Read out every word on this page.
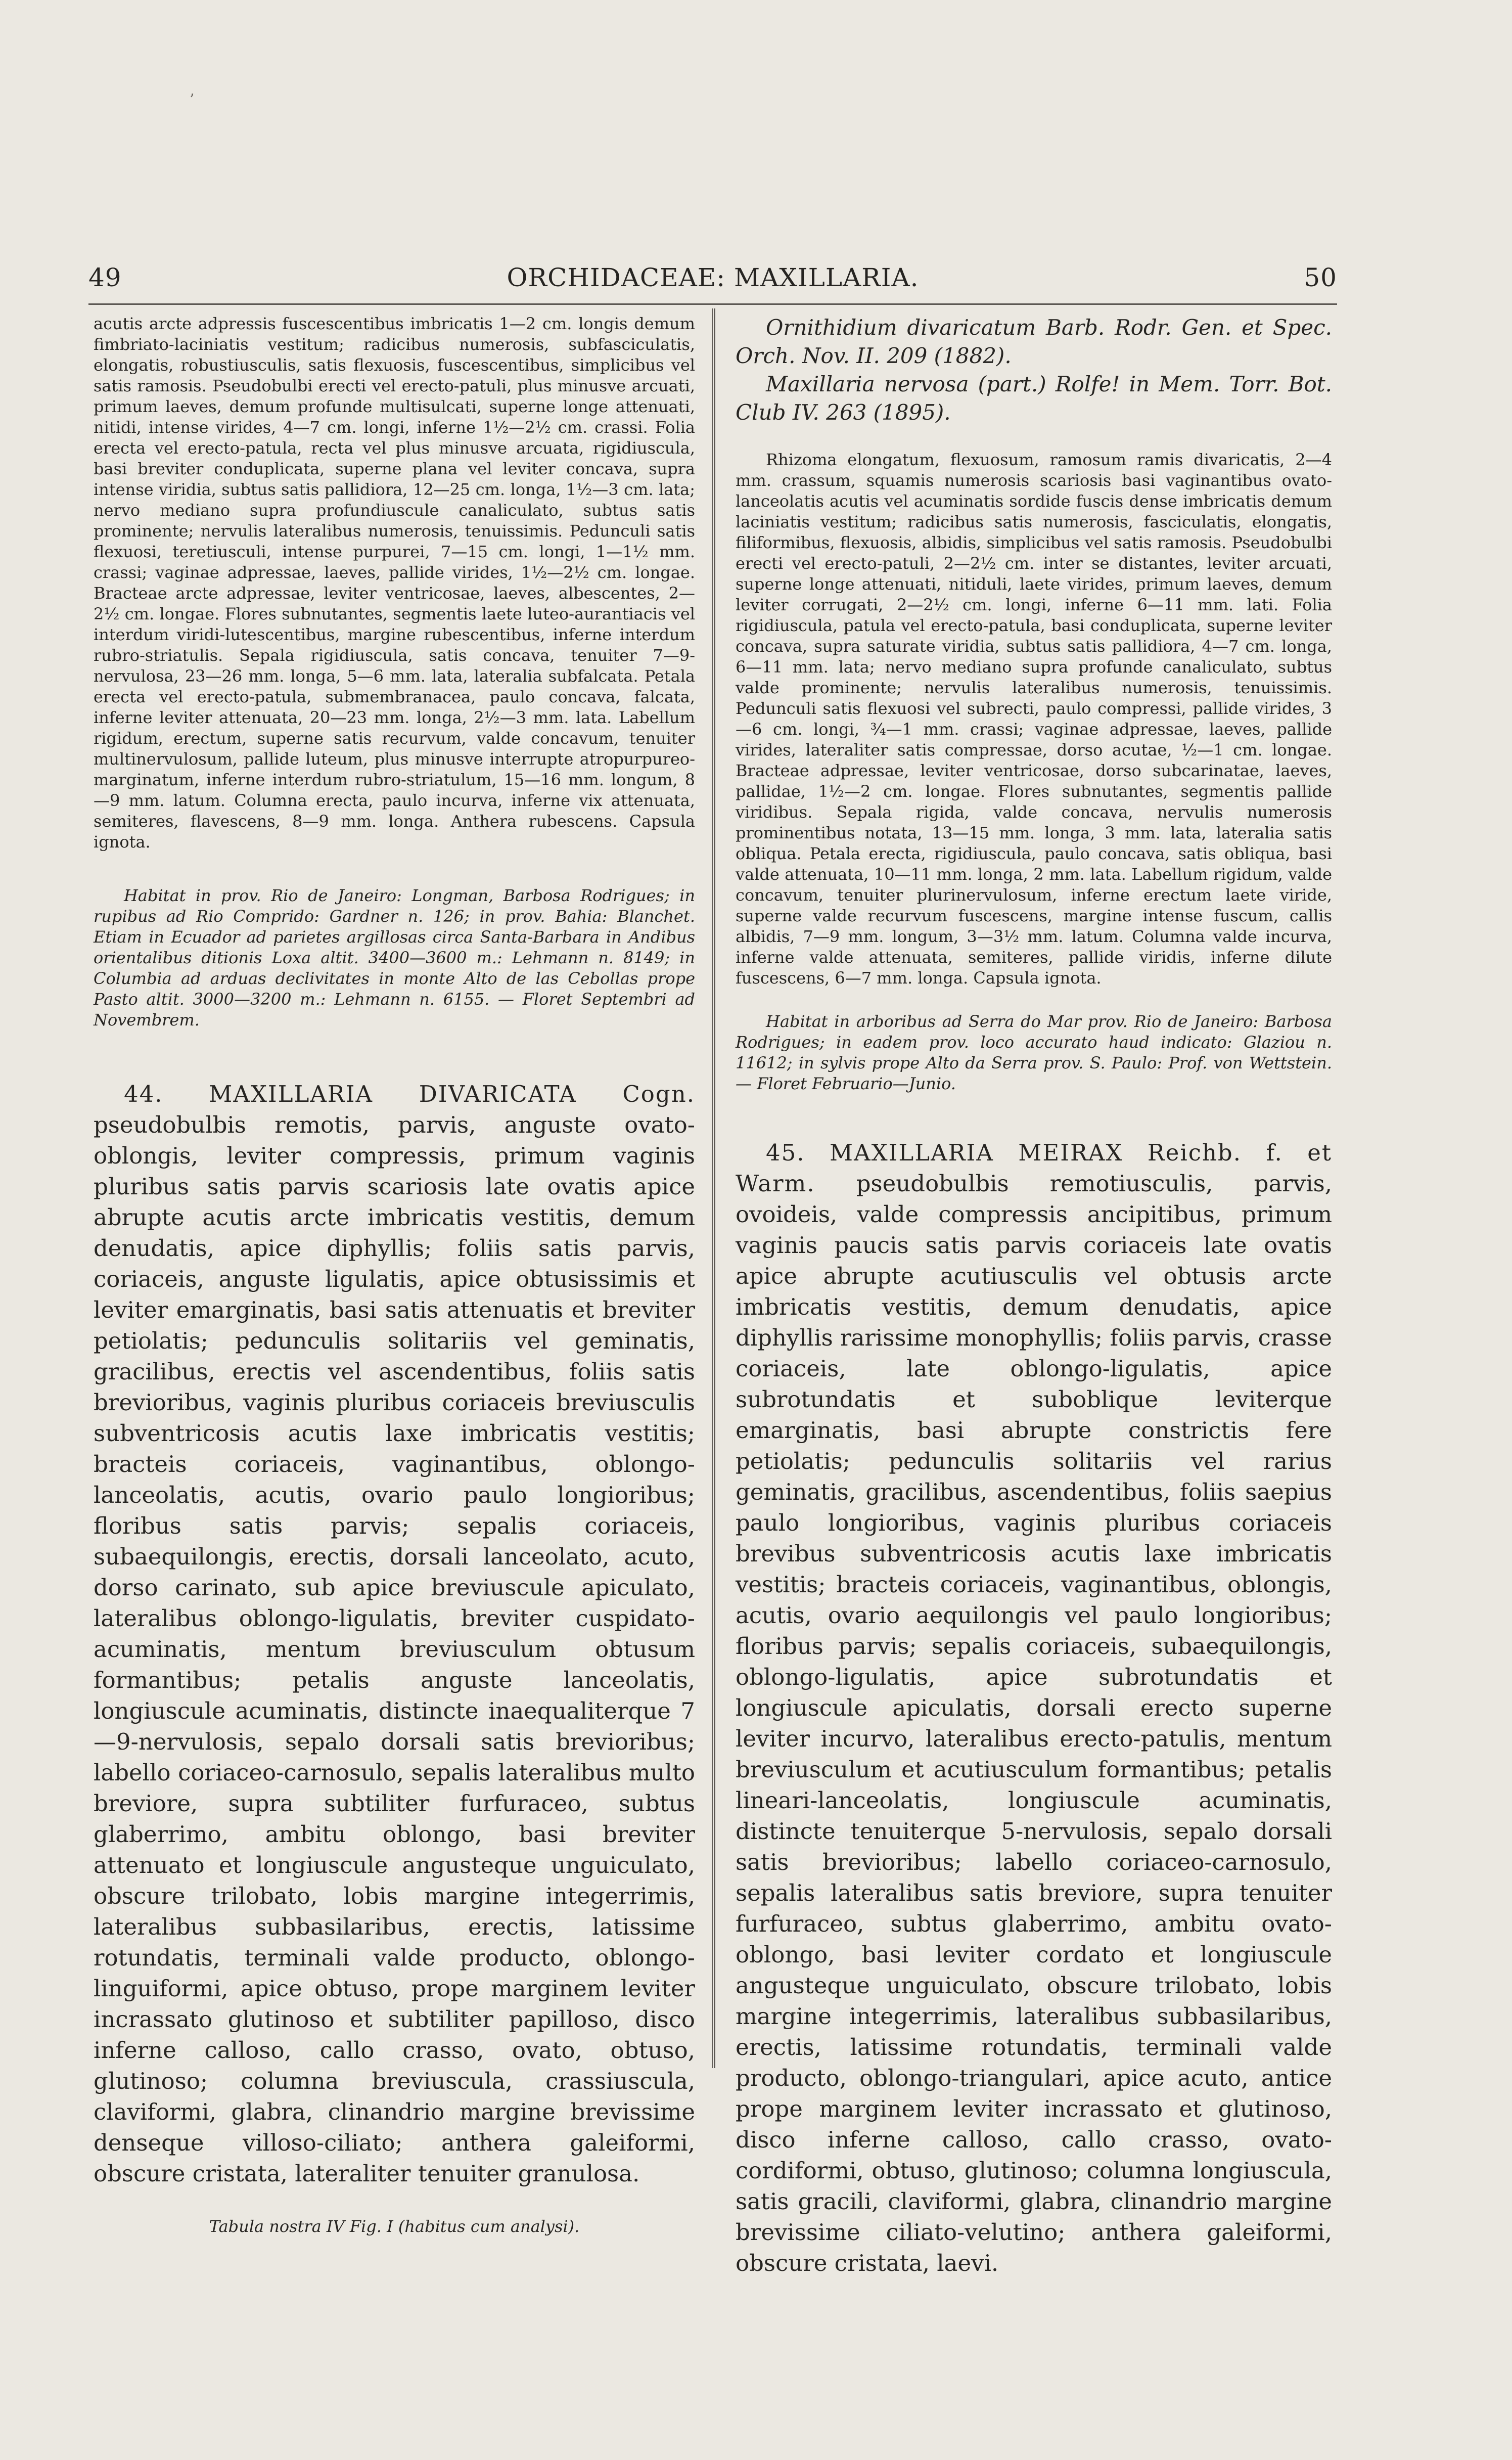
’
49	ORCHIDACEAE: MAXILLARIA.	50

acutis arcte adpressis fuscescentibus imbricatis 1—2 cm. longis demum fimbriato-laciniatis vestitum; radicibus numerosis, subfasciculatis, elongatis, robustiusculis, satis flexuosis, fuscescentibus, simplicibus vel satis ramosis. Pseudobulbi erecti vel erecto-patuli, plus minusve arcuati, primum laeves, demum profunde multisulcati, superne longe attenuati, nitidi, intense virides, 4—7 cm. longi, inferne 1½—2½ cm. crassi. Folia erecta vel erecto-patula, recta vel plus minusve arcuata, rigidiuscula, basi breviter conduplicata, superne plana vel leviter concava, supra intense viridia, subtus satis pallidiora, 12—25 cm. longa, 1½—3 cm. lata; nervo mediano supra profundiuscule canaliculato, subtus satis prominente; nervulis lateralibus numerosis, tenuissimis. Pedunculi satis flexuosi, teretiusculi, intense purpurei, 7—15 cm. longi, 1—1½ mm. crassi; vaginae adpressae, laeves, pallide virides, 1½—2½ cm. longae. Bracteae arcte adpressae, leviter ventricosae, laeves, albescentes, 2—2½ cm. longae. Flores subnutantes, segmentis laete luteo-aurantiacis vel interdum viridi-lutescentibus, margine rubescentibus, inferne interdum rubro-striatulis. Sepala rigidiuscula, satis concava, tenuiter 7—9-nervulosa, 23—26 mm. longa, 5—6 mm. lata, lateralia subfalcata. Petala erecta vel erecto-patula, submembranacea, paulo concava, falcata, inferne leviter attenuata, 20—23 mm. longa, 2½—3 mm. lata. Labellum rigidum, erectum, superne satis recurvum, valde concavum, tenuiter multinervulosum, pallide luteum, plus minusve interrupte atropurpureo-marginatum, inferne interdum rubro-striatulum, 15—16 mm. longum, 8—9 mm. latum. Columna erecta, paulo incurva, inferne vix attenuata, semiteres, flavescens, 8—9 mm. longa. Anthera rubescens. Capsula ignota.

Habitat in prov. Rio de Janeiro: Longman, Barbosa Rodrigues; in rupibus ad Rio Comprido: Gardner n. 126; in prov. Bahia: Blanchet. Etiam in Ecuador ad parietes argillosas circa Santa-Barbara in Andibus orientalibus ditionis Loxa altit. 3400—3600 m.: Lehmann n. 8149; in Columbia ad arduas declivitates in monte Alto de las Cebollas prope Pasto altit. 3000—3200 m.: Lehmann n. 6155. — Floret Septembri ad Novembrem.

44. MAXILLARIA DIVARICATA Cogn. pseudobulbis remotis, parvis, anguste ovato-oblongis, leviter compressis, primum vaginis pluribus satis parvis scariosis late ovatis apice abrupte acutis arcte imbricatis vestitis, demum denudatis, apice diphyllis; foliis satis parvis, coriaceis, anguste ligulatis, apice obtusissimis et leviter emarginatis, basi satis attenuatis et breviter petiolatis; pedunculis solitariis vel geminatis, gracilibus, erectis vel ascendentibus, foliis satis brevioribus, vaginis pluribus coriaceis breviusculis subventricosis acutis laxe imbricatis vestitis; bracteis coriaceis, vaginantibus, oblongo-lanceolatis, acutis, ovario paulo longioribus; floribus satis parvis; sepalis coriaceis, subaequilongis, erectis, dorsali lanceolato, acuto, dorso carinato, sub apice breviuscule apiculato, lateralibus oblongo-ligulatis, breviter cuspidato-acuminatis, mentum breviusculum obtusum formantibus; petalis anguste lanceolatis, longiuscule acuminatis, distincte inaequaliterque 7—9-nervulosis, sepalo dorsali satis brevioribus; labello coriaceo-carnosulo, sepalis lateralibus multo breviore, supra subtiliter furfuraceo, subtus glaberrimo, ambitu oblongo, basi breviter attenuato et longiuscule angusteque unguiculato, obscure trilobato, lobis margine integerrimis, lateralibus subbasilaribus, erectis, latissime rotundatis, terminali valde producto, oblongo-linguiformi, apice obtuso, prope marginem leviter incrassato glutinoso et subtiliter papilloso, disco inferne calloso, callo crasso, ovato, obtuso, glutinoso; columna breviuscula, crassiuscula, claviformi, glabra, clinandrio margine brevissime denseque villoso-ciliato; anthera galeiformi, obscure cristata, lateraliter tenuiter granulosa.

Tabula nostra IV Fig. I (habitus cum analysi).

Ornithidium divaricatum Barb. Rodr. Gen. et Spec. Orch. Nov. II. 209 (1882).

Maxillaria nervosa (part.) Rolfe! in Mem. Torr. Bot. Club IV. 263 (1895).

Rhizoma elongatum, flexuosum, ramosum ramis divaricatis, 2—4 mm. crassum, squamis numerosis scariosis basi vaginantibus ovato-lanceolatis acutis vel acuminatis sordide fuscis dense imbricatis demum laciniatis vestitum; radicibus satis numerosis, fasciculatis, elongatis, filiformibus, flexuosis, albidis, simplicibus vel satis ramosis. Pseudobulbi erecti vel erecto-patuli, 2—2½ cm. inter se distantes, leviter arcuati, superne longe attenuati, nitiduli, laete virides, primum laeves, demum leviter corrugati, 2—2½ cm. longi, inferne 6—11 mm. lati. Folia rigidiuscula, patula vel erecto-patula, basi conduplicata, superne leviter concava, supra saturate viridia, subtus satis pallidiora, 4—7 cm. longa, 6—11 mm. lata; nervo mediano supra profunde canaliculato, subtus valde prominente; nervulis lateralibus numerosis, tenuissimis. Pedunculi satis flexuosi vel subrecti, paulo compressi, pallide virides, 3—6 cm. longi, ¾—1 mm. crassi; vaginae adpressae, laeves, pallide virides, lateraliter satis compressae, dorso acutae, ½—1 cm. longae. Bracteae adpressae, leviter ventricosae, dorso subcarinatae, laeves, pallidae, 1½—2 cm. longae. Flores subnutantes, segmentis pallide viridibus. Sepala rigida, valde concava, nervulis numerosis prominentibus notata, 13—15 mm. longa, 3 mm. lata, lateralia satis obliqua. Petala erecta, rigidiuscula, paulo concava, satis obliqua, basi valde attenuata, 10—11 mm. longa, 2 mm. lata. Labellum rigidum, valde concavum, tenuiter plurinervulosum, inferne erectum laete viride, superne valde recurvum fuscescens, margine intense fuscum, callis albidis, 7—9 mm. longum, 3—3½ mm. latum. Columna valde incurva, inferne valde attenuata, semiteres, pallide viridis, inferne dilute fuscescens, 6—7 mm. longa. Capsula ignota.

Habitat in arboribus ad Serra do Mar prov. Rio de Janeiro: Barbosa Rodrigues; in eadem prov. loco accurato haud indicato: Glaziou n. 11612; in sylvis prope Alto da Serra prov. S. Paulo: Prof. von Wettstein. — Floret Februario—Junio.

45. MAXILLARIA MEIRAX Reichb. f. et Warm. pseudobulbis remotiusculis, parvis, ovoideis, valde compressis ancipitibus, primum vaginis paucis satis parvis coriaceis late ovatis apice abrupte acutiusculis vel obtusis arcte imbricatis vestitis, demum denudatis, apice diphyllis rarissime monophyllis; foliis parvis, crasse coriaceis, late oblongo-ligulatis, apice subrotundatis et suboblique leviterque emarginatis, basi abrupte constrictis fere petiolatis; pedunculis solitariis vel rarius geminatis, gracilibus, ascendentibus, foliis saepius paulo longioribus, vaginis pluribus coriaceis brevibus subventricosis acutis laxe imbricatis vestitis; bracteis coriaceis, vaginantibus, oblongis, acutis, ovario aequilongis vel paulo longioribus; floribus parvis; sepalis coriaceis, subaequilongis, oblongo-ligulatis, apice subrotundatis et longiuscule apiculatis, dorsali erecto superne leviter incurvo, lateralibus erecto-patulis, mentum breviusculum et acutiusculum formantibus; petalis lineari-lanceolatis, longiuscule acuminatis, distincte tenuiterque 5-nervulosis, sepalo dorsali satis brevioribus; labello coriaceo-carnosulo, sepalis lateralibus satis breviore, supra tenuiter furfuraceo, subtus glaberrimo, ambitu ovato-oblongo, basi leviter cordato et longiuscule angusteque unguiculato, obscure trilobato, lobis margine integerrimis, lateralibus subbasilaribus, erectis, latissime rotundatis, terminali valde producto, oblongo-triangulari, apice acuto, antice prope marginem leviter incrassato et glutinoso, disco inferne calloso, callo crasso, ovato-cordiformi, obtuso, glutinoso; columna longiuscula, satis gracili, claviformi, glabra, clinandrio margine brevissime ciliato-velutino; anthera galeiformi, obscure cristata, laevi.
